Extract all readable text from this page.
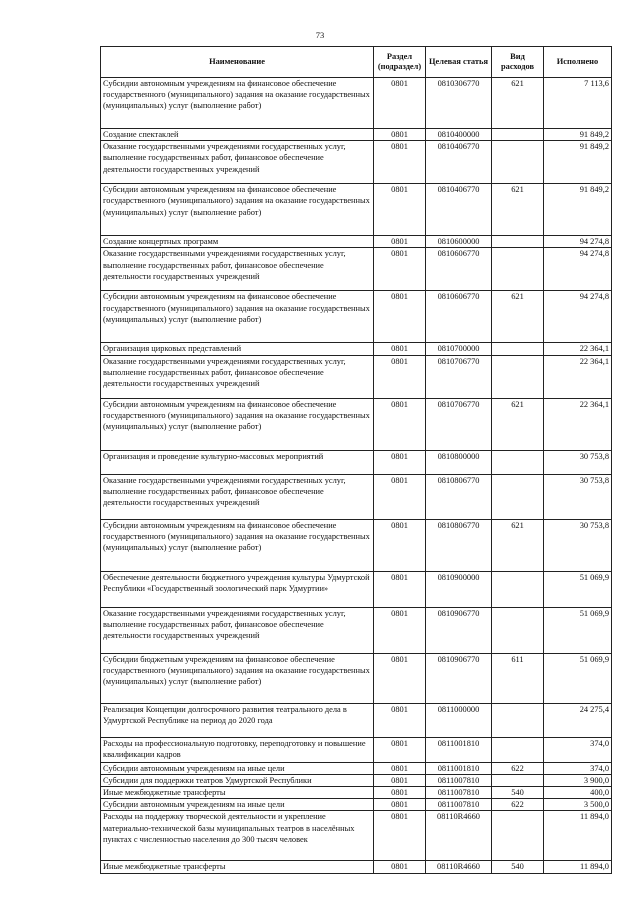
73
Наименование	Раздел (подраздел)	Целевая статья	Вид расходов	Исполнено
Субсидии автономным учреждениям на финансовое обеспечение государственного (муниципального) задания на оказание государственных (муниципальных) услуг (выполнение работ)	0801	0810306770	621	7 113,6
Создание спектаклей	0801	0810400000		91 849,2
Оказание государственными учреждениями государственных услуг, выполнение государственных работ, финансовое обеспечение деятельности государственных учреждений	0801	0810406770		91 849,2
Субсидии автономным учреждениям на финансовое обеспечение государственного (муниципального) задания на оказание государственных (муниципальных) услуг (выполнение работ)	0801	0810406770	621	91 849,2
Создание концертных программ	0801	0810600000		94 274,8
Оказание государственными учреждениями государственных услуг, выполнение государственных работ, финансовое обеспечение деятельности государственных учреждений	0801	0810606770		94 274,8
Субсидии автономным учреждениям на финансовое обеспечение государственного (муниципального) задания на оказание государственных (муниципальных) услуг (выполнение работ)	0801	0810606770	621	94 274,8
Организация цирковых представлений	0801	0810700000		22 364,1
Оказание государственными учреждениями государственных услуг, выполнение государственных работ, финансовое обеспечение деятельности государственных учреждений	0801	0810706770		22 364,1
Субсидии автономным учреждениям на финансовое обеспечение государственного (муниципального) задания на оказание государственных (муниципальных) услуг (выполнение работ)	0801	0810706770	621	22 364,1
Организация и проведение культурно-массовых мероприятий	0801	0810800000		30 753,8
Оказание государственными учреждениями государственных услуг, выполнение государственных работ, финансовое обеспечение деятельности государственных учреждений	0801	0810806770		30 753,8
Субсидии автономным учреждениям на финансовое обеспечение государственного (муниципального) задания на оказание государственных (муниципальных) услуг (выполнение работ)	0801	0810806770	621	30 753,8
Обеспечение деятельности бюджетного учреждения культуры Удмуртской Республики «Государственный зоологический парк Удмуртии»	0801	0810900000		51 069,9
Оказание государственными учреждениями государственных услуг, выполнение государственных работ, финансовое обеспечение деятельности государственных учреждений	0801	0810906770		51 069,9
Субсидии бюджетным учреждениям на финансовое обеспечение государственного (муниципального) задания на оказание государственных (муниципальных) услуг (выполнение работ)	0801	0810906770	611	51 069,9
Реализация Концепции долгосрочного развития театрального дела в Удмуртской Республике на период до 2020 года	0801	0811000000		24 275,4
Расходы на профессиональную подготовку, переподготовку и повышение квалификации кадров	0801	0811001810		374,0
Субсидии автономным учреждениям на иные цели	0801	0811001810	622	374,0
Субсидии для поддержки театров Удмуртской Республики	0801	0811007810		3 900,0
Иные межбюджетные трансферты	0801	0811007810	540	400,0
Субсидии автономным учреждениям на иные цели	0801	0811007810	622	3 500,0
Расходы на поддержку творческой деятельности и укрепление материально-технической базы муниципальных театров в населённых пунктах с численностью населения до 300 тысяч человек	0801	08110R4660		11 894,0
Иные межбюджетные трансферты	0801	08110R4660	540	11 894,0
